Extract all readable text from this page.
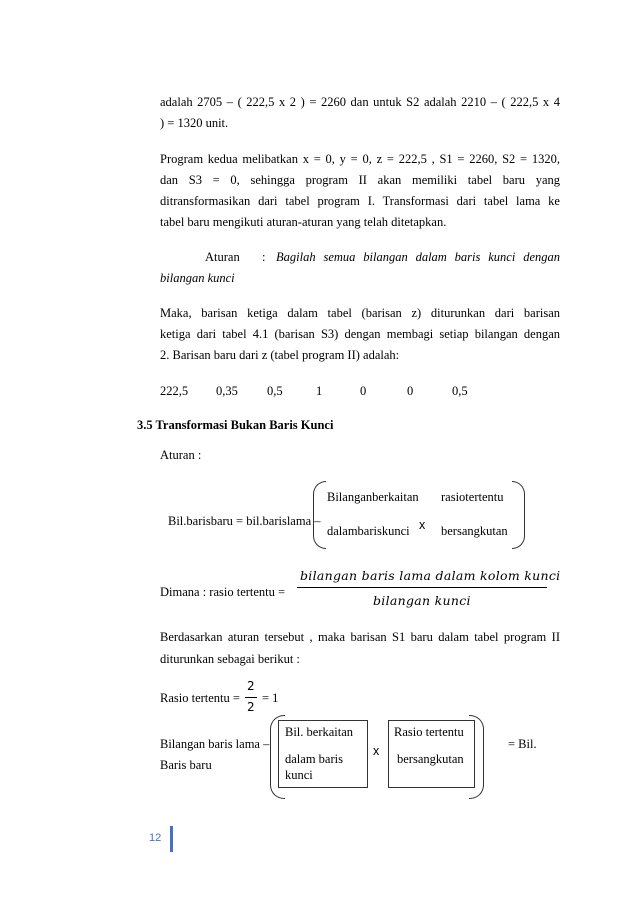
adalah 2705 – ( 222,5 x 2 ) = 2260 dan untuk S2 adalah 2210 – ( 222,5 x 4
) = 1320 unit.
Program kedua melibatkan x = 0, y = 0, z = 222,5 , S1 = 2260, S2 = 1320,
dan S3 = 0, sehingga program II akan memiliki tabel baru yang
ditransformasikan dari tabel program I. Transformasi dari tabel lama ke
tabel baru mengikuti aturan-aturan yang telah ditetapkan.
Aturan : Bagilah semua bilangan dalam baris kunci dengan
bilangan kunci
Maka, barisan ketiga dalam tabel (barisan z) diturunkan dari barisan
ketiga dari tabel 4.1 (barisan S3) dengan membagi setiap bilangan dengan
2. Barisan baru dari z (tabel program II) adalah:
222,5 0,35 0,5	1	0	0	0,5
3.5 Transformasi Bukan Baris Kunci
Aturan :
Bil.barisbaru = bil.barislama –
Bilanganberkaitan
dalambariskunci x
rasiotertentu
bersangkutan
Dimana : rasio tertentu =
bilangan baris lama dalam kolom kunci
bilangan kunci
Berdasarkan aturan tersebut , maka barisan S1 baru dalam tabel program II
diturunkan sebagai berikut :
Rasio tertentu =
2
2
= 1
Bilangan baris lama –
Baris baru
Bil. berkaitan
dalam baris
kunci
x
Rasio tertentu
bersangkutan
= Bil.
12
